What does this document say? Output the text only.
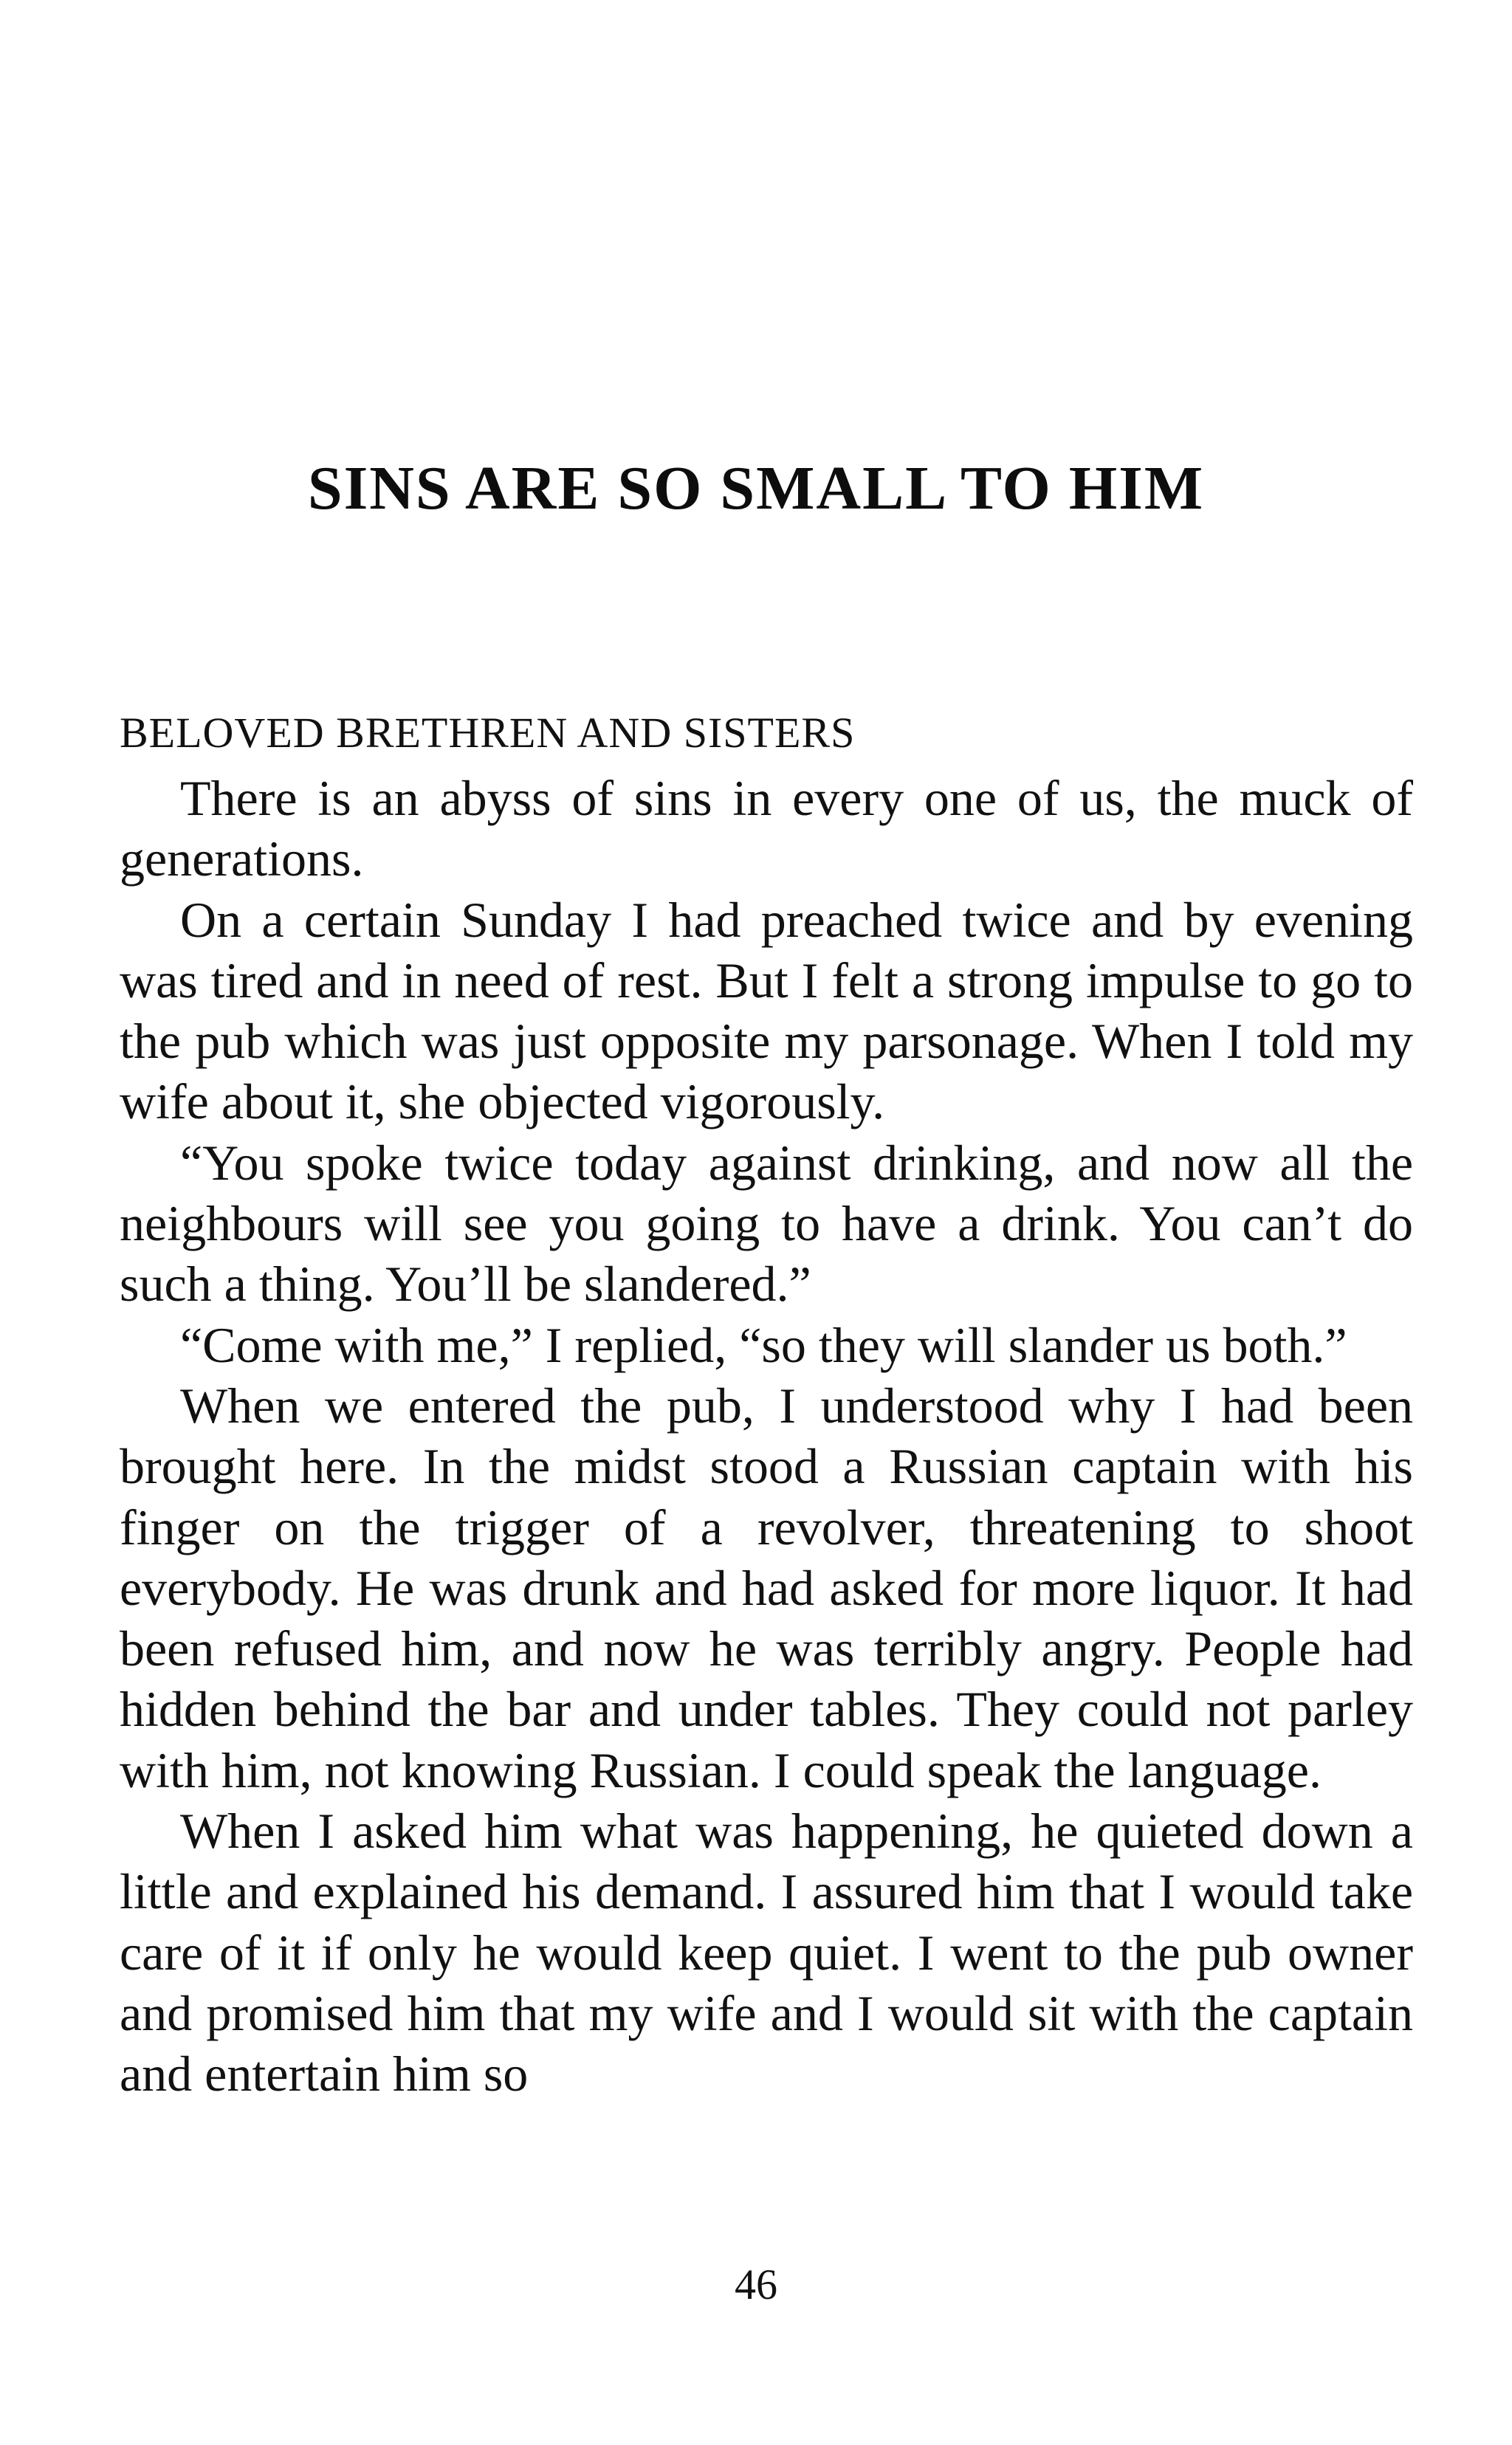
SINS ARE SO SMALL TO HIM

BELOVED BRETHREN AND SISTERS

There is an abyss of sins in every one of us, the muck of generations.

On a certain Sunday I had preached twice and by evening was tired and in need of rest. But I felt a strong impulse to go to the pub which was just opposite my parsonage. When I told my wife about it, she objected vigorously.

“You spoke twice today against drinking, and now all the neighbours will see you going to have a drink. You can’t do such a thing. You’ll be slandered.”

“Come with me,” I replied, “so they will slander us both.”

When we entered the pub, I understood why I had been brought here. In the midst stood a Russian captain with his finger on the trigger of a revolver, threatening to shoot everybody. He was drunk and had asked for more liquor. It had been refused him, and now he was terribly angry. People had hidden behind the bar and under tables. They could not parley with him, not knowing Russian. I could speak the language.

When I asked him what was happening, he quieted down a little and explained his demand. I assured him that I would take care of it if only he would keep quiet. I went to the pub owner and promised him that my wife and I would sit with the captain and entertain him so

46
